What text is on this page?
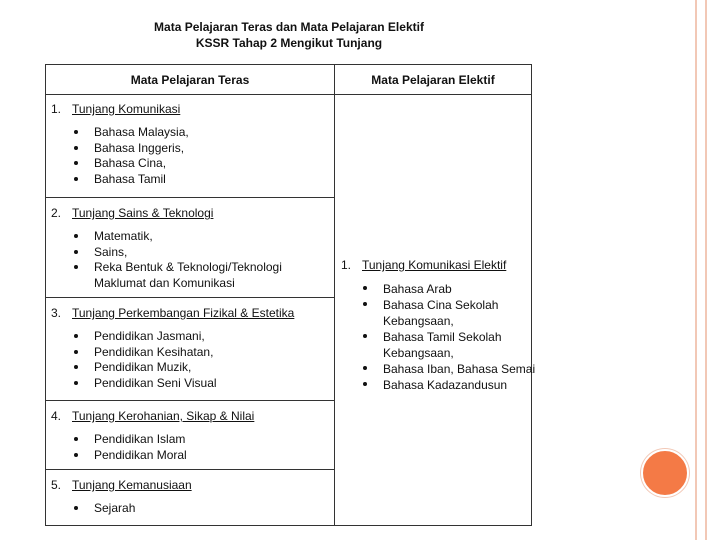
Mata Pelajaran Teras dan Mata Pelajaran Elektif
KSSR Tahap 2 Mengikut Tunjang
Mata Pelajaran Teras	Mata Pelajaran Elektif
1. Tunjang Komunikasi
Bahasa Malaysia,
Bahasa Inggeris,
Bahasa Cina,
Bahasa Tamil
2. Tunjang Sains & Teknologi
Matematik,
Sains,
Reka Bentuk & Teknologi/Teknologi Maklumat dan Komunikasi
3. Tunjang Perkembangan Fizikal & Estetika
Pendidikan Jasmani,
Pendidikan Kesihatan,
Pendidikan Muzik,
Pendidikan Seni Visual
4. Tunjang Kerohanian, Sikap & Nilai
Pendidikan Islam
Pendidikan Moral
5. Tunjang Kemanusiaan
Sejarah
1. Tunjang Komunikasi Elektif
Bahasa Arab
Bahasa Cina Sekolah Kebangsaan,
Bahasa Tamil Sekolah Kebangsaan,
Bahasa Iban, Bahasa Semai
Bahasa Kadazandusun
